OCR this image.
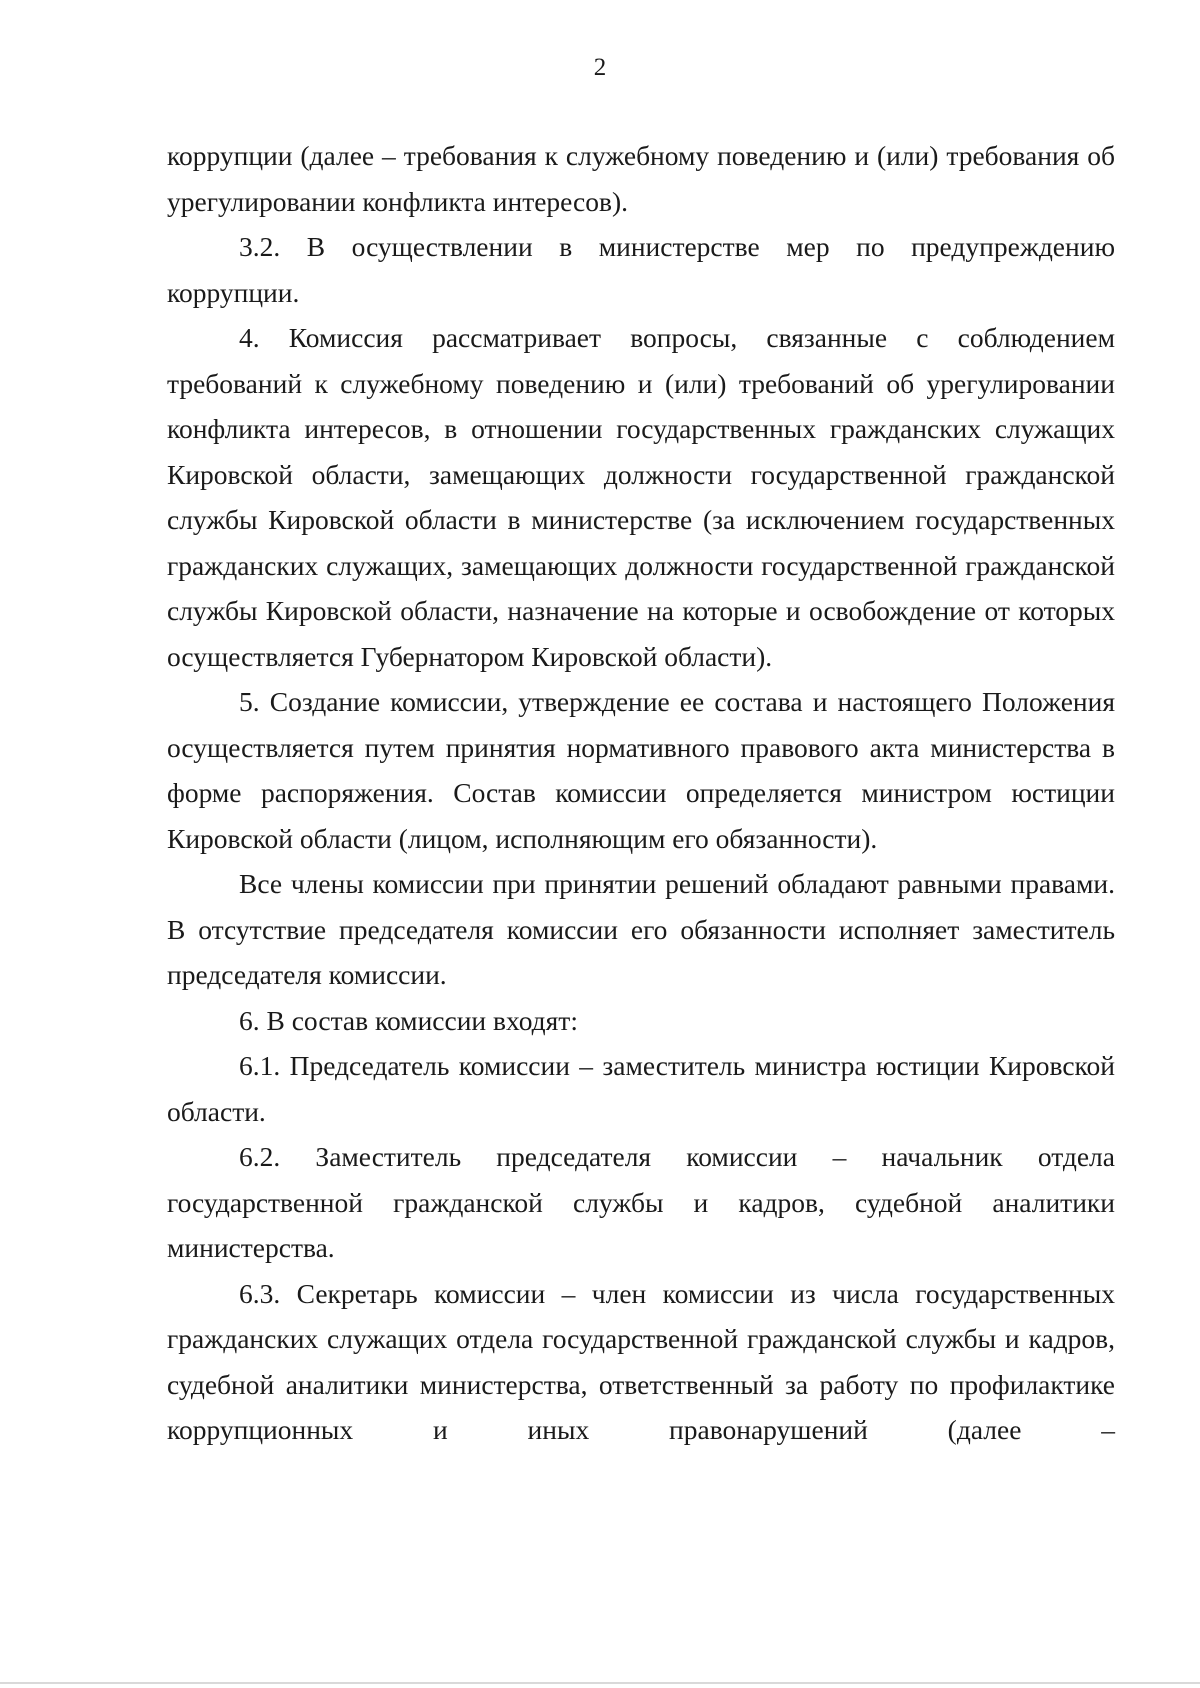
2

коррупции (далее – требования к служебному поведению и (или) требования об урегулировании конфликта интересов).

3.2. В осуществлении в министерстве мер по предупреждению коррупции.

4. Комиссия рассматривает вопросы, связанные с соблюдением требований к служебному поведению и (или) требований об урегулировании конфликта интересов, в отношении государственных гражданских служащих Кировской области, замещающих должности государственной гражданской службы Кировской области в министерстве (за исключением государственных гражданских служащих, замещающих должности государственной гражданской службы Кировской области, назначение на которые и освобождение от которых осуществляется Губернатором Кировской области).

5. Создание комиссии, утверждение ее состава и настоящего Положения осуществляется путем принятия нормативного правового акта министерства в форме распоряжения. Состав комиссии определяется министром юстиции Кировской области (лицом, исполняющим его обязанности).

Все члены комиссии при принятии решений обладают равными правами. В отсутствие председателя комиссии его обязанности исполняет заместитель председателя комиссии.

6. В состав комиссии входят:

6.1. Председатель комиссии – заместитель министра юстиции Кировской области.

6.2. Заместитель председателя комиссии – начальник отдела государственной гражданской службы и кадров, судебной аналитики министерства.

6.3. Секретарь комиссии – член комиссии из числа государственных гражданских служащих отдела государственной гражданской службы и кадров, судебной аналитики министерства, ответственный за работу по профилактике коррупционных и иных правонарушений (далее –
